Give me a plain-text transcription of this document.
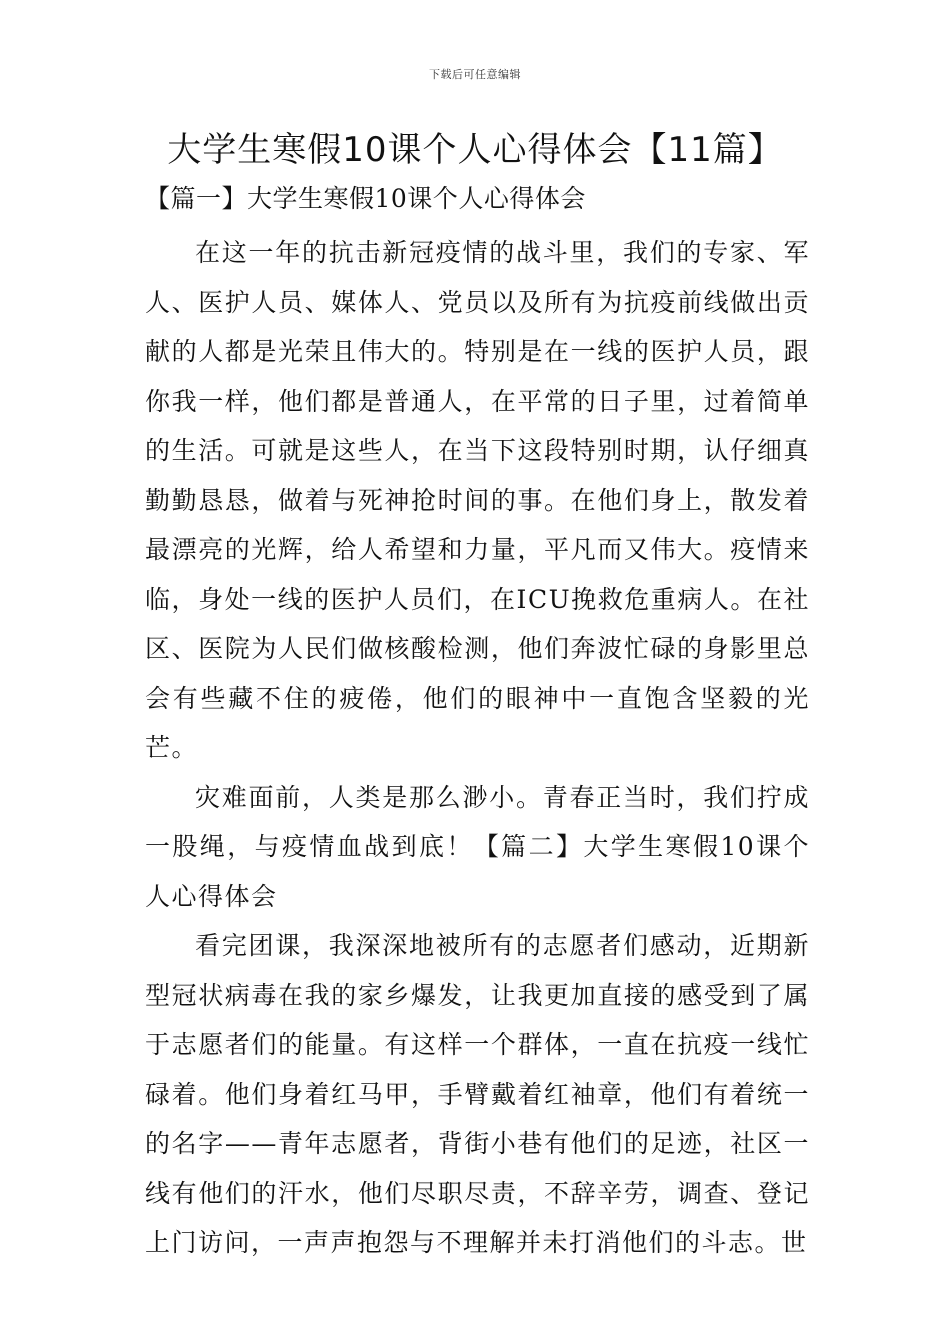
下载后可任意编辑
大学生寒假10课个人心得体会【11篇】

【篇一】大学生寒假10课个人心得体会

在这一年的抗击新冠疫情的战斗里，我们的专家、军人、医护人员、媒体人、党员以及所有为抗疫前线做出贡献的人都是光荣且伟大的。特别是在一线的医护人员，跟你我一样，他们都是普通人，在平常的日子里，过着简单的生活。可就是这些人，在当下这段特别时期，认仔细真勤勤恳恳，做着与死神抢时间的事。在他们身上，散发着最漂亮的光辉，给人希望和力量，平凡而又伟大。疫情来临，身处一线的医护人员们，在ICU挽救危重病人。在社区、医院为人民们做核酸检测，他们奔波忙碌的身影里总会有些藏不住的疲倦，他们的眼神中一直饱含坚毅的光芒。

灾难面前，人类是那么渺小。青春正当时，我们拧成一股绳，与疫情血战到底！【篇二】大学生寒假10课个人心得体会

看完团课，我深深地被所有的志愿者们感动，近期新型冠状病毒在我的家乡爆发，让我更加直接的感受到了属于志愿者们的能量。有这样一个群体，一直在抗疫一线忙碌着。他们身着红马甲，手臂戴着红袖章，他们有着统一的名字——青年志愿者，背街小巷有他们的足迹，社区一线有他们的汗水，他们尽职尽责，不辞辛劳，调查、登记上门访问，一声声抱怨与不理解并未打消他们的斗志。世
